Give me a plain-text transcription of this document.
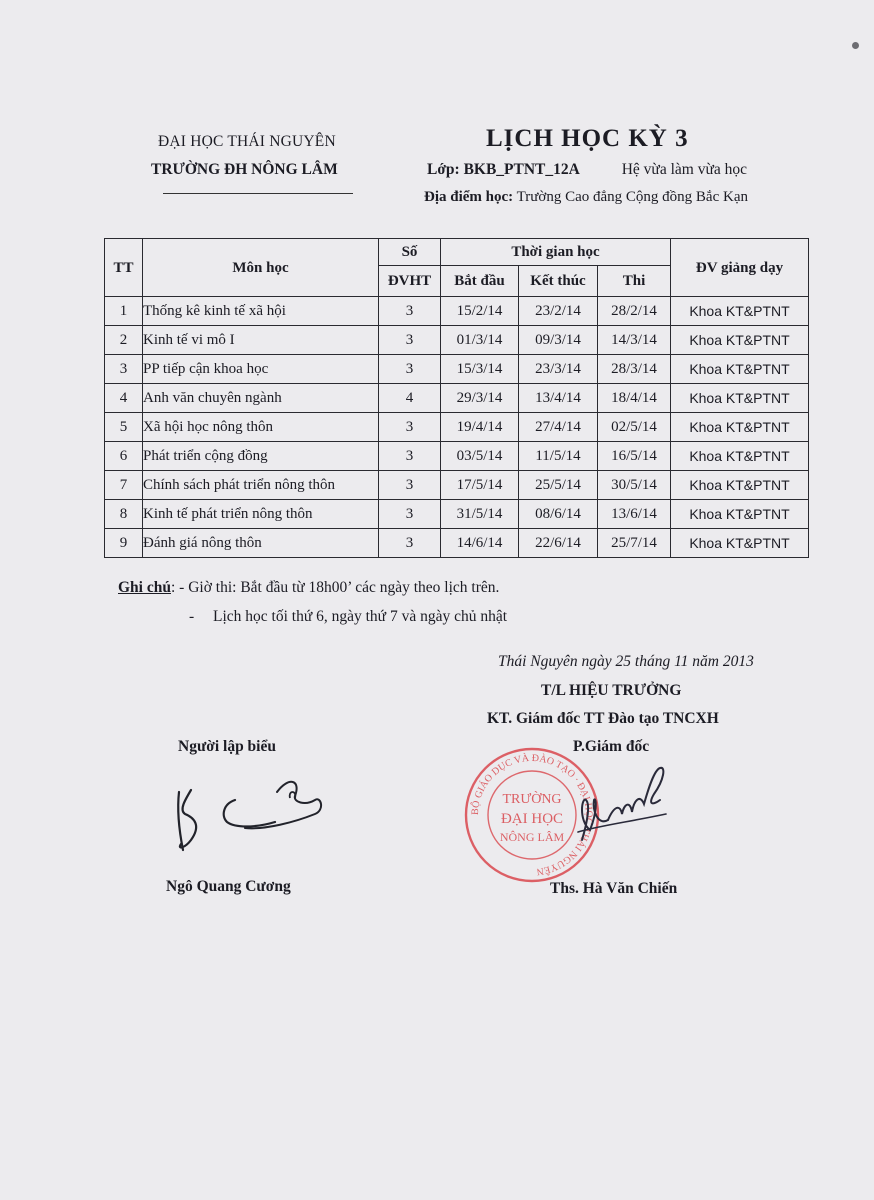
ĐẠI HỌC THÁI NGUYÊN
TRƯỜNG ĐH NÔNG LÂM
LỊCH HỌC KỲ 3
Lớp: BKB_PTNT_12A	Hệ vừa làm vừa học
Địa điểm học: Trường Cao đẳng Cộng đồng Bắc Kạn
TT	Môn học	Số	Thời gian học			ĐV giảng dạy
		ĐVHT	Bắt đầu	Kết thúc	Thi	
1	Thống kê kinh tế xã hội	3	15/2/14	23/2/14	28/2/14	Khoa KT&PTNT
2	Kinh tế vi mô I	3	01/3/14	09/3/14	14/3/14	Khoa KT&PTNT
3	PP tiếp cận khoa học	3	15/3/14	23/3/14	28/3/14	Khoa KT&PTNT
4	Anh văn chuyên ngành	4	29/3/14	13/4/14	18/4/14	Khoa KT&PTNT
5	Xã hội học nông thôn	3	19/4/14	27/4/14	02/5/14	Khoa KT&PTNT
6	Phát triển cộng đồng	3	03/5/14	11/5/14	16/5/14	Khoa KT&PTNT
7	Chính sách phát triển nông thôn	3	17/5/14	25/5/14	30/5/14	Khoa KT&PTNT
8	Kinh tế phát triển nông thôn	3	31/5/14	08/6/14	13/6/14	Khoa KT&PTNT
9	Đánh giá nông thôn	3	14/6/14	22/6/14	25/7/14	Khoa KT&PTNT
Ghi chú: - Giờ thi: Bắt đầu từ 18h00’ các ngày theo lịch trên.
- Lịch học tối thứ 6, ngày thứ 7 và ngày chủ nhật
Thái Nguyên ngày 25 tháng 11 năm 2013
T/L HIỆU TRƯỞNG
KT. Giám đốc TT Đào tạo TNCXH
P.Giám đốc
Người lập biểu
BỘ GIÁO DỤC VÀ ĐÀO TẠO · ĐẠI HỌC THÁI NGUYÊN
TRƯỜNG
ĐẠI HỌC
NÔNG LÂM
Ngô Quang Cương	Ths. Hà Văn Chiến
